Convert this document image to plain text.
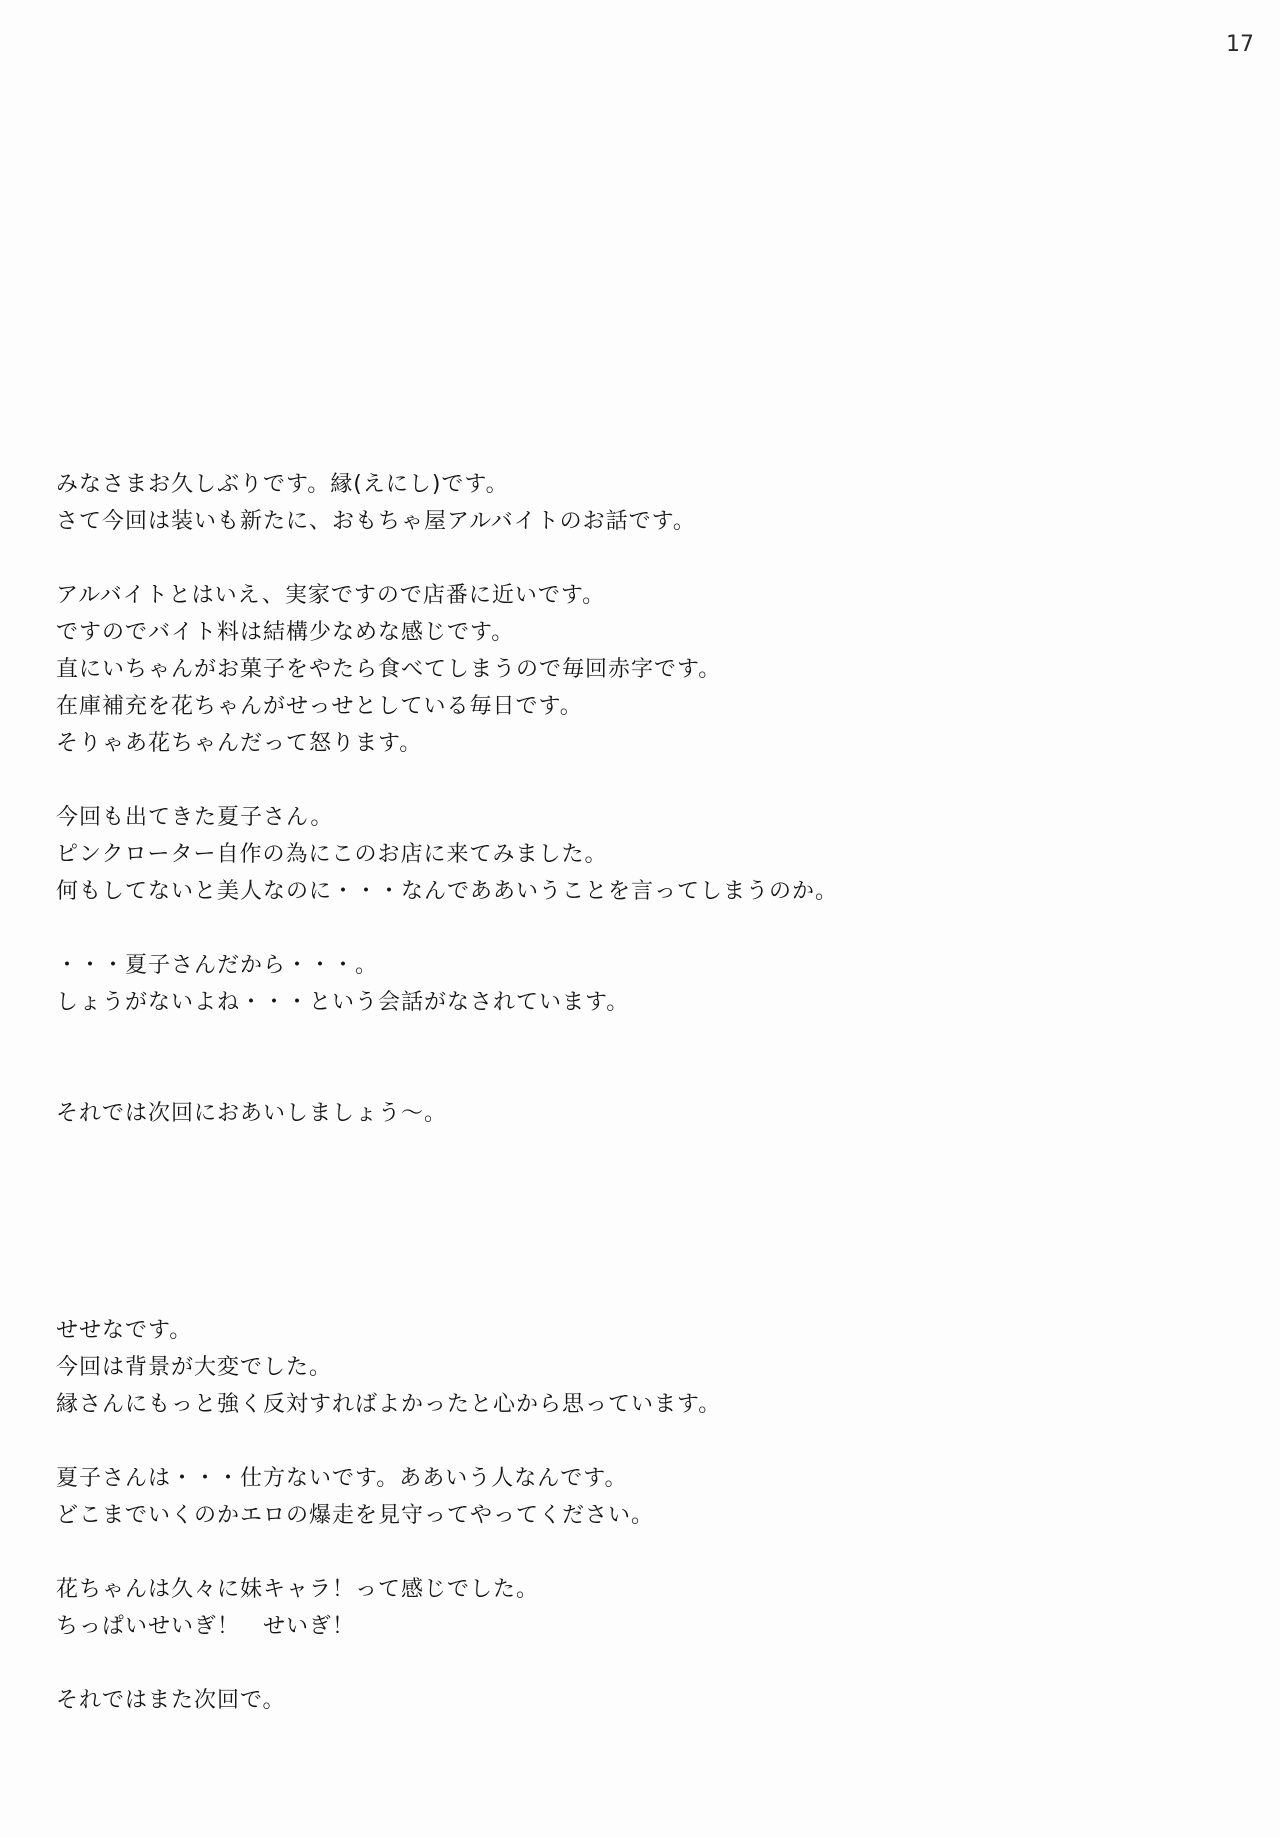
17
みなさまお久しぶりです。縁(えにし)です。
さて今回は装いも新たに、おもちゃ屋アルバイトのお話です。
アルバイトとはいえ、実家ですので店番に近いです。
ですのでバイト料は結構少なめな感じです。
直にいちゃんがお菓子をやたら食べてしまうので毎回赤字です。
在庫補充を花ちゃんがせっせとしている毎日です。
そりゃあ花ちゃんだって怒ります。
今回も出てきた夏子さん。
ピンクローター自作の為にこのお店に来てみました。
何もしてないと美人なのに・・・なんでああいうことを言ってしまうのか。
・・・夏子さんだから・・・。
しょうがないよね・・・という会話がなされています。
それでは次回におあいしましょう～。
せせなです。
今回は背景が大変でした。
縁さんにもっと強く反対すればよかったと心から思っています。
夏子さんは・・・仕方ないです。ああいう人なんです。
どこまでいくのかエロの爆走を見守ってやってください。
花ちゃんは久々に妹キャラ！って感じでした。
ちっぱいせいぎ！　せいぎ！
それではまた次回で。
